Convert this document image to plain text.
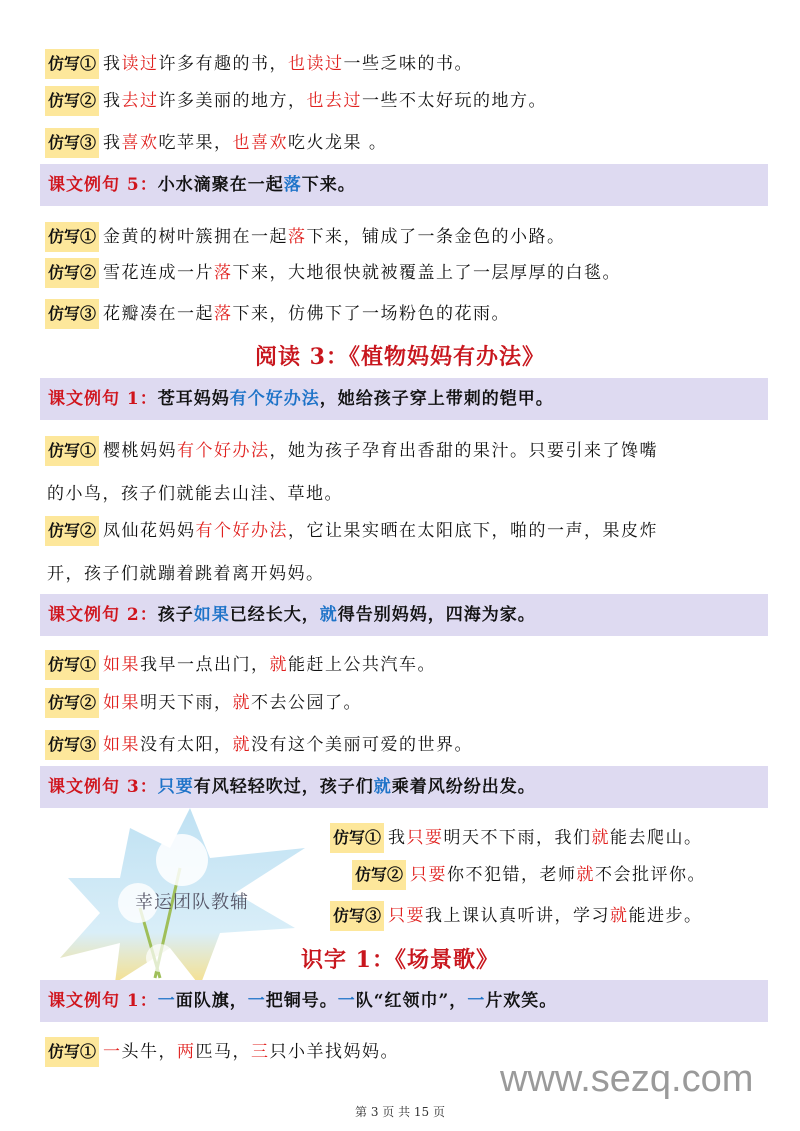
仿写① 我读过许多有趣的书，也读过一些乏味的书。
仿写② 我去过许多美丽的地方，也去过一些不太好玩的地方。
仿写③ 我喜欢吃苹果，也喜欢吃火龙果 。
课文例句 5：小水滴聚在一起落下来。
仿写① 金黄的树叶簇拥在一起落下来，铺成了一条金色的小路。
仿写② 雪花连成一片落下来，大地很快就被覆盖上了一层厚厚的白毯。
仿写③ 花瓣凑在一起落下来，仿佛下了一场粉色的花雨。
阅读 3：《植物妈妈有办法》
课文例句 1：苍耳妈妈有个好办法，她给孩子穿上带刺的铠甲。
仿写① 樱桃妈妈有个好办法，她为孩子孕育出香甜的果汁。只要引来了馋嘴
的小鸟，孩子们就能去山洼、草地。
仿写② 凤仙花妈妈有个好办法，它让果实晒在太阳底下，啪的一声，果皮炸
开，孩子们就蹦着跳着离开妈妈。
课文例句 2：孩子如果已经长大，就得告别妈妈，四海为家。
仿写① 如果我早一点出门，就能赶上公共汽车。
仿写② 如果明天下雨，就不去公园了。
仿写③ 如果没有太阳，就没有这个美丽可爱的世界。
课文例句 3：只要有风轻轻吹过，孩子们就乘着风纷纷出发。
幸运团队教辅
仿写① 我只要明天不下雨，我们就能去爬山。
仿写② 只要你不犯错，老师就不会批评你。
仿写③ 只要我上课认真听讲，学习就能进步。
识字 1：《场景歌》
课文例句 1：一面队旗，一把铜号。一队“红领巾”，一片欢笑。
仿写① 一头牛，两匹马，三只小羊找妈妈。
www.sezq.com
第 3 页 共 15 页
